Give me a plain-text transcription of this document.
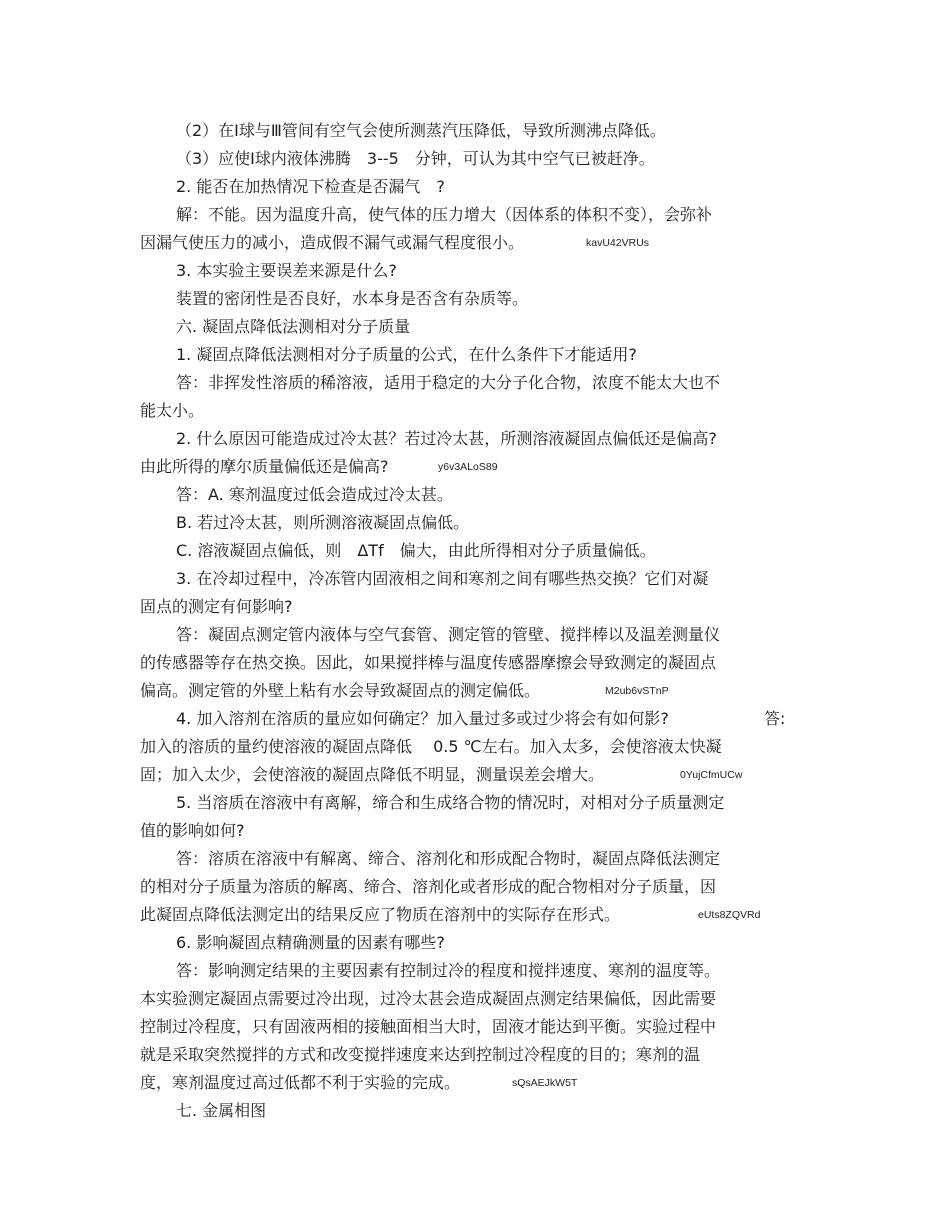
（2）在Ⅰ球与Ⅲ管间有空气会使所测蒸汽压降低，导致所测沸点降低。
（3）应使Ⅰ球内液体沸腾　3--5　分钟，可认为其中空气已被赶净。
2. 能否在加热情况下检查是否漏气　?
解：不能。因为温度升高，使气体的压力增大（因体系的体积不变），会弥补
因漏气使压力的减小，造成假不漏气或漏气程度很小。	kavU42VRUs
3. 本实验主要误差来源是什么?
装置的密闭性是否良好，水本身是否含有杂质等。
六. 凝固点降低法测相对分子质量
1. 凝固点降低法测相对分子质量的公式，在什么条件下才能适用?
答：非挥发性溶质的稀溶液，适用于稳定的大分子化合物，浓度不能太大也不
能太小。
2. 什么原因可能造成过冷太甚？若过冷太甚，所测溶液凝固点偏低还是偏高?
由此所得的摩尔质量偏低还是偏高?	y6v3ALoS89
答：A. 寒剂温度过低会造成过冷太甚。
B. 若过冷太甚，则所测溶液凝固点偏低。
C. 溶液凝固点偏低，则　ΔTf　偏大，由此所得相对分子质量偏低。
3. 在冷却过程中，冷冻管内固液相之间和寒剂之间有哪些热交换？它们对凝
固点的测定有何影响?
答：凝固点测定管内液体与空气套管、测定管的管壁、搅拌棒以及温差测量仪
的传感器等存在热交换。因此，如果搅拌棒与温度传感器摩擦会导致测定的凝固点
偏高。测定管的外壁上粘有水会导致凝固点的测定偏低。	M2ub6vSTnP
4. 加入溶剂在溶质的量应如何确定？加入量过多或过少将会有如何影?	答:
加入的溶质的量约使溶液的凝固点降低　 0.5 ℃左右。加入太多，会使溶液太快凝
固；加入太少，会使溶液的凝固点降低不明显，测量误差会增大。	0YujCfmUCw
5. 当溶质在溶液中有离解，缔合和生成络合物的情况时，对相对分子质量测定
值的影响如何?
答：溶质在溶液中有解离、缔合、溶剂化和形成配合物时，凝固点降低法测定
的相对分子质量为溶质的解离、缔合、溶剂化或者形成的配合物相对分子质量，因
此凝固点降低法测定出的结果反应了物质在溶剂中的实际存在形式。	eUts8ZQVRd
6. 影响凝固点精确测量的因素有哪些?
答：影响测定结果的主要因素有控制过冷的程度和搅拌速度、寒剂的温度等。
本实验测定凝固点需要过冷出现，过冷太甚会造成凝固点测定结果偏低，因此需要
控制过冷程度，只有固液两相的接触面相当大时，固液才能达到平衡。实验过程中
就是采取突然搅拌的方式和改变搅拌速度来达到控制过冷程度的目的；寒剂的温
度，寒剂温度过高过低都不利于实验的完成。	sQsAEJkW5T
七. 金属相图
